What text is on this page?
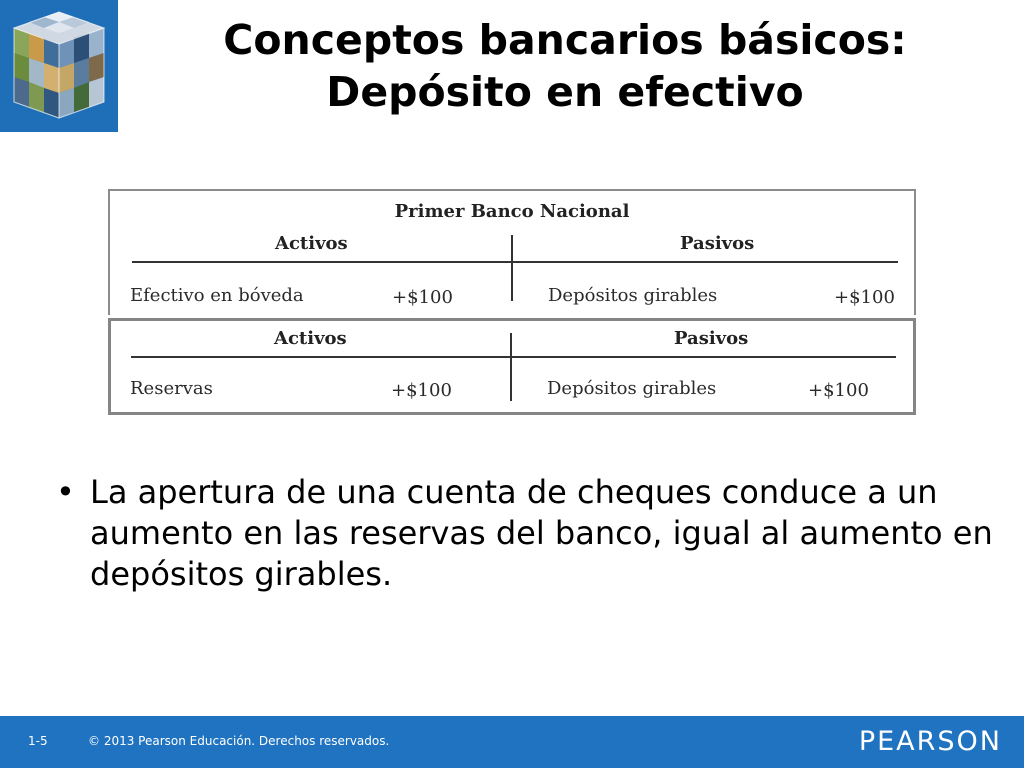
Conceptos bancarios básicos:
Depósito en efectivo
Primer Banco Nacional
Activos	Pasivos
Efectivo en bóveda	+$100	Depósitos girables	+$100
Activos	Pasivos
Reservas	+$100	Depósitos girables	+$100
• La apertura de una cuenta de cheques conduce a un aumento en las reservas del banco, igual al aumento en depósitos girables.
1-5	© 2013 Pearson Educación. Derechos reservados.	PEARSON
